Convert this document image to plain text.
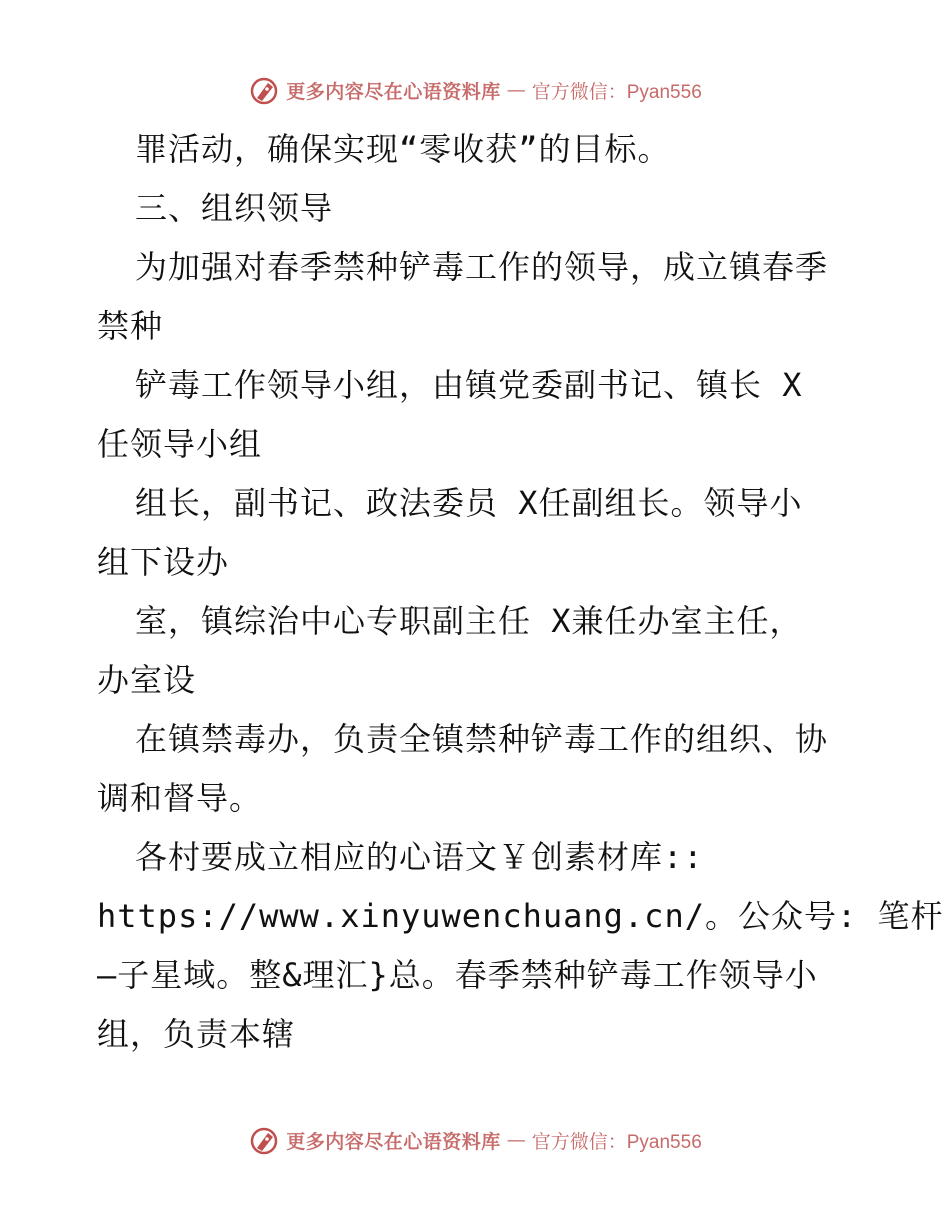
更多内容尽在心语资料库 — 官方微信：Pyan556
罪活动，确保实现“零收获”的目标。
三、组织领导
为加强对春季禁种铲毒工作的领导，成立镇春季
禁种
铲毒工作领导小组，由镇党委副书记、镇长 X
任领导小组
组长，副书记、政法委员 X任副组长。领导小
组下设办
室，镇综治中心专职副主任 X兼任办室主任，
办室设
在镇禁毒办，负责全镇禁种铲毒工作的组织、协
调和督导。
各村要成立相应的心语文￥创素材库::
https://www.xinyuwenchuang.cn/。公众号: 笔杆
—子星域。整&理汇}总。春季禁种铲毒工作领导小
组，负责本辖
更多内容尽在心语资料库 — 官方微信：Pyan556
